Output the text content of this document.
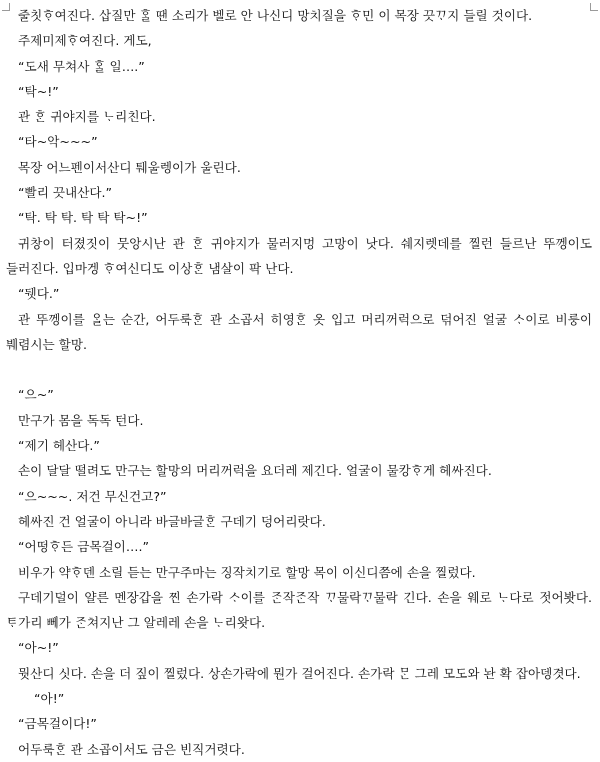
줄칫ᄒᆞ여진다. 삽질만 ᄒᆞᆯ 땐 소리가 벨로 안 나신디 망치질을 ᄒᆞ민 이 목장 끗ᄁᆞ지 들릴 것이다.

주제미제ᄒᆞ여진다. 게도,

“도새 무쳐사 ᄒᆞᆯ 일….”

“탁~!”

관 ᄒᆞᆫ 귀야지를 ᄂᆞ리친다.

“타~악~~~”

목장 어느펜이서산디 퉤울렝이가 울린다.

“빨리 끗내산다.”

“탁. 탁 탁. 탁 탁 탁~!”

귀창이 터졌짓이 뭇앙시난 관 ᄒᆞᆫ 귀야지가 물러지멍 고망이 낫다. 쉐지렛데를 찔런 들르난 뚜껭이도 들러진다. 입마겡 ᄒᆞ여신디도 이상ᄒᆞᆫ 냄살이 팍 난다.

“뒛다.”

관 뚜껭이를 ᄋᆞᆯ는 순간, 어두룩ᄒᆞᆫ 관 소곱서 히영ᄒᆞᆫ 옷 입고 머리꺼럭으로 덖어진 얼굴 ᄉᆞ이로 비룽이 붸렴시는 할망.

“으~”

만구가 몸을 독독 턴다.

“제기 헤산다.”

손이 달달 떨려도 만구는 할망의 머리꺼럭을 요더레 제긴다. 얼굴이 물캉ᄒᆞ게 헤싸진다.

“으~~~. 저건 무신건고?”

헤싸진 건 얼굴이 아니라 바글바글ᄒᆞᆫ 구데기 덩어리랏다.

“어떵ᄒᆞ든 금목걸이….”

비우가 약ᄒᆞ덴 소릴 듣는 만구주마는 징작치기로 할망 목이 이신디쯤에 손을 찔렀다.

구데기덜이 얄른 멘장갑을 찐 손가락 ᄉᆞ이를 ᄌᆞᆫ작ᄌᆞᆫ작 ᄁᆞ물락ᄁᆞ물락 긴다. 손을 웨로 ᄂᆞ다로 젓어봣다. ᄐᆞ가리 뻬가 ᄌᆞᆫ쳐지난 그 알레레 손을 ᄂᆞ리왓다.

“아~!”

뭣산디 싯다. 손을 더 짚이 찔렀다. 상손가락에 뭔가 걸어진다. 손가락 ᄆᆞᆫ 그레 모도와 놘 확 잡아뎅겻다.

“아!”

“금목걸이다!”

어두룩ᄒᆞᆫ 관 소곱이서도 금은 빈직거렷다.
